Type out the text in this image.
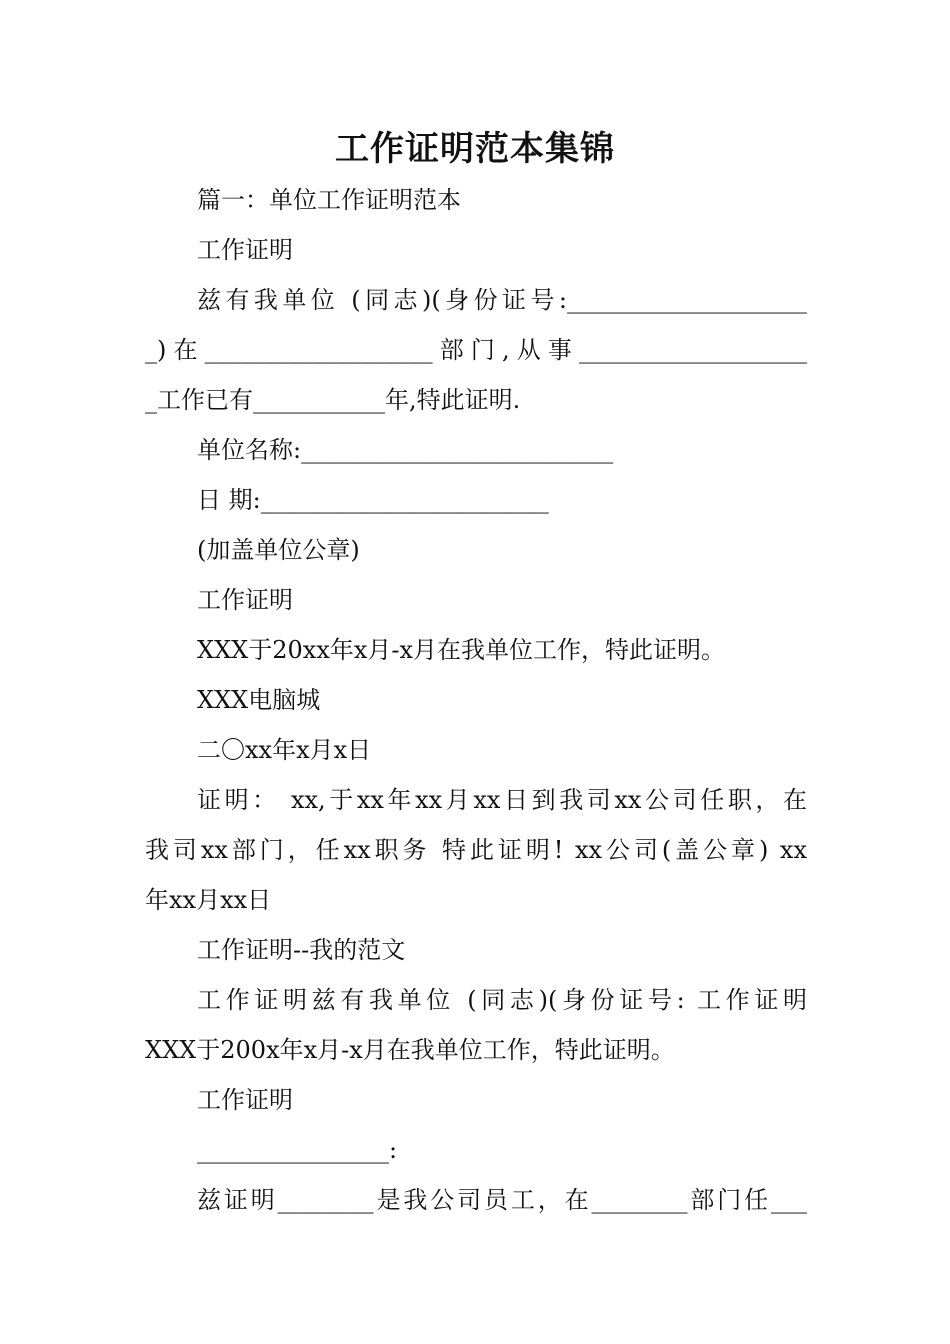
工作证明范本集锦
篇一：单位工作证明范本
工作证明
兹有我单位 (同志)(身份证号:____________________
_)在___________________部门,从事___________________
_工作已有___________年,特此证明.
单位名称:__________________________
日 期:________________________
(加盖单位公章)
工作证明
XXX于20xx年x月-x月在我单位工作，特此证明。
XXX电脑城
二〇xx年x月x日
证明： xx,于xx年xx月xx日到我司xx公司任职，在
我司xx部门，任xx职务 特此证明! xx公司(盖公章) xx
年xx月xx日
工作证明--我的范文
工作证明兹有我单位 (同志)(身份证号: 工作证明
XXX于200x年x月-x月在我单位工作，特此证明。
工作证明
________________:
兹证明________是我公司员工，在________部门任___
